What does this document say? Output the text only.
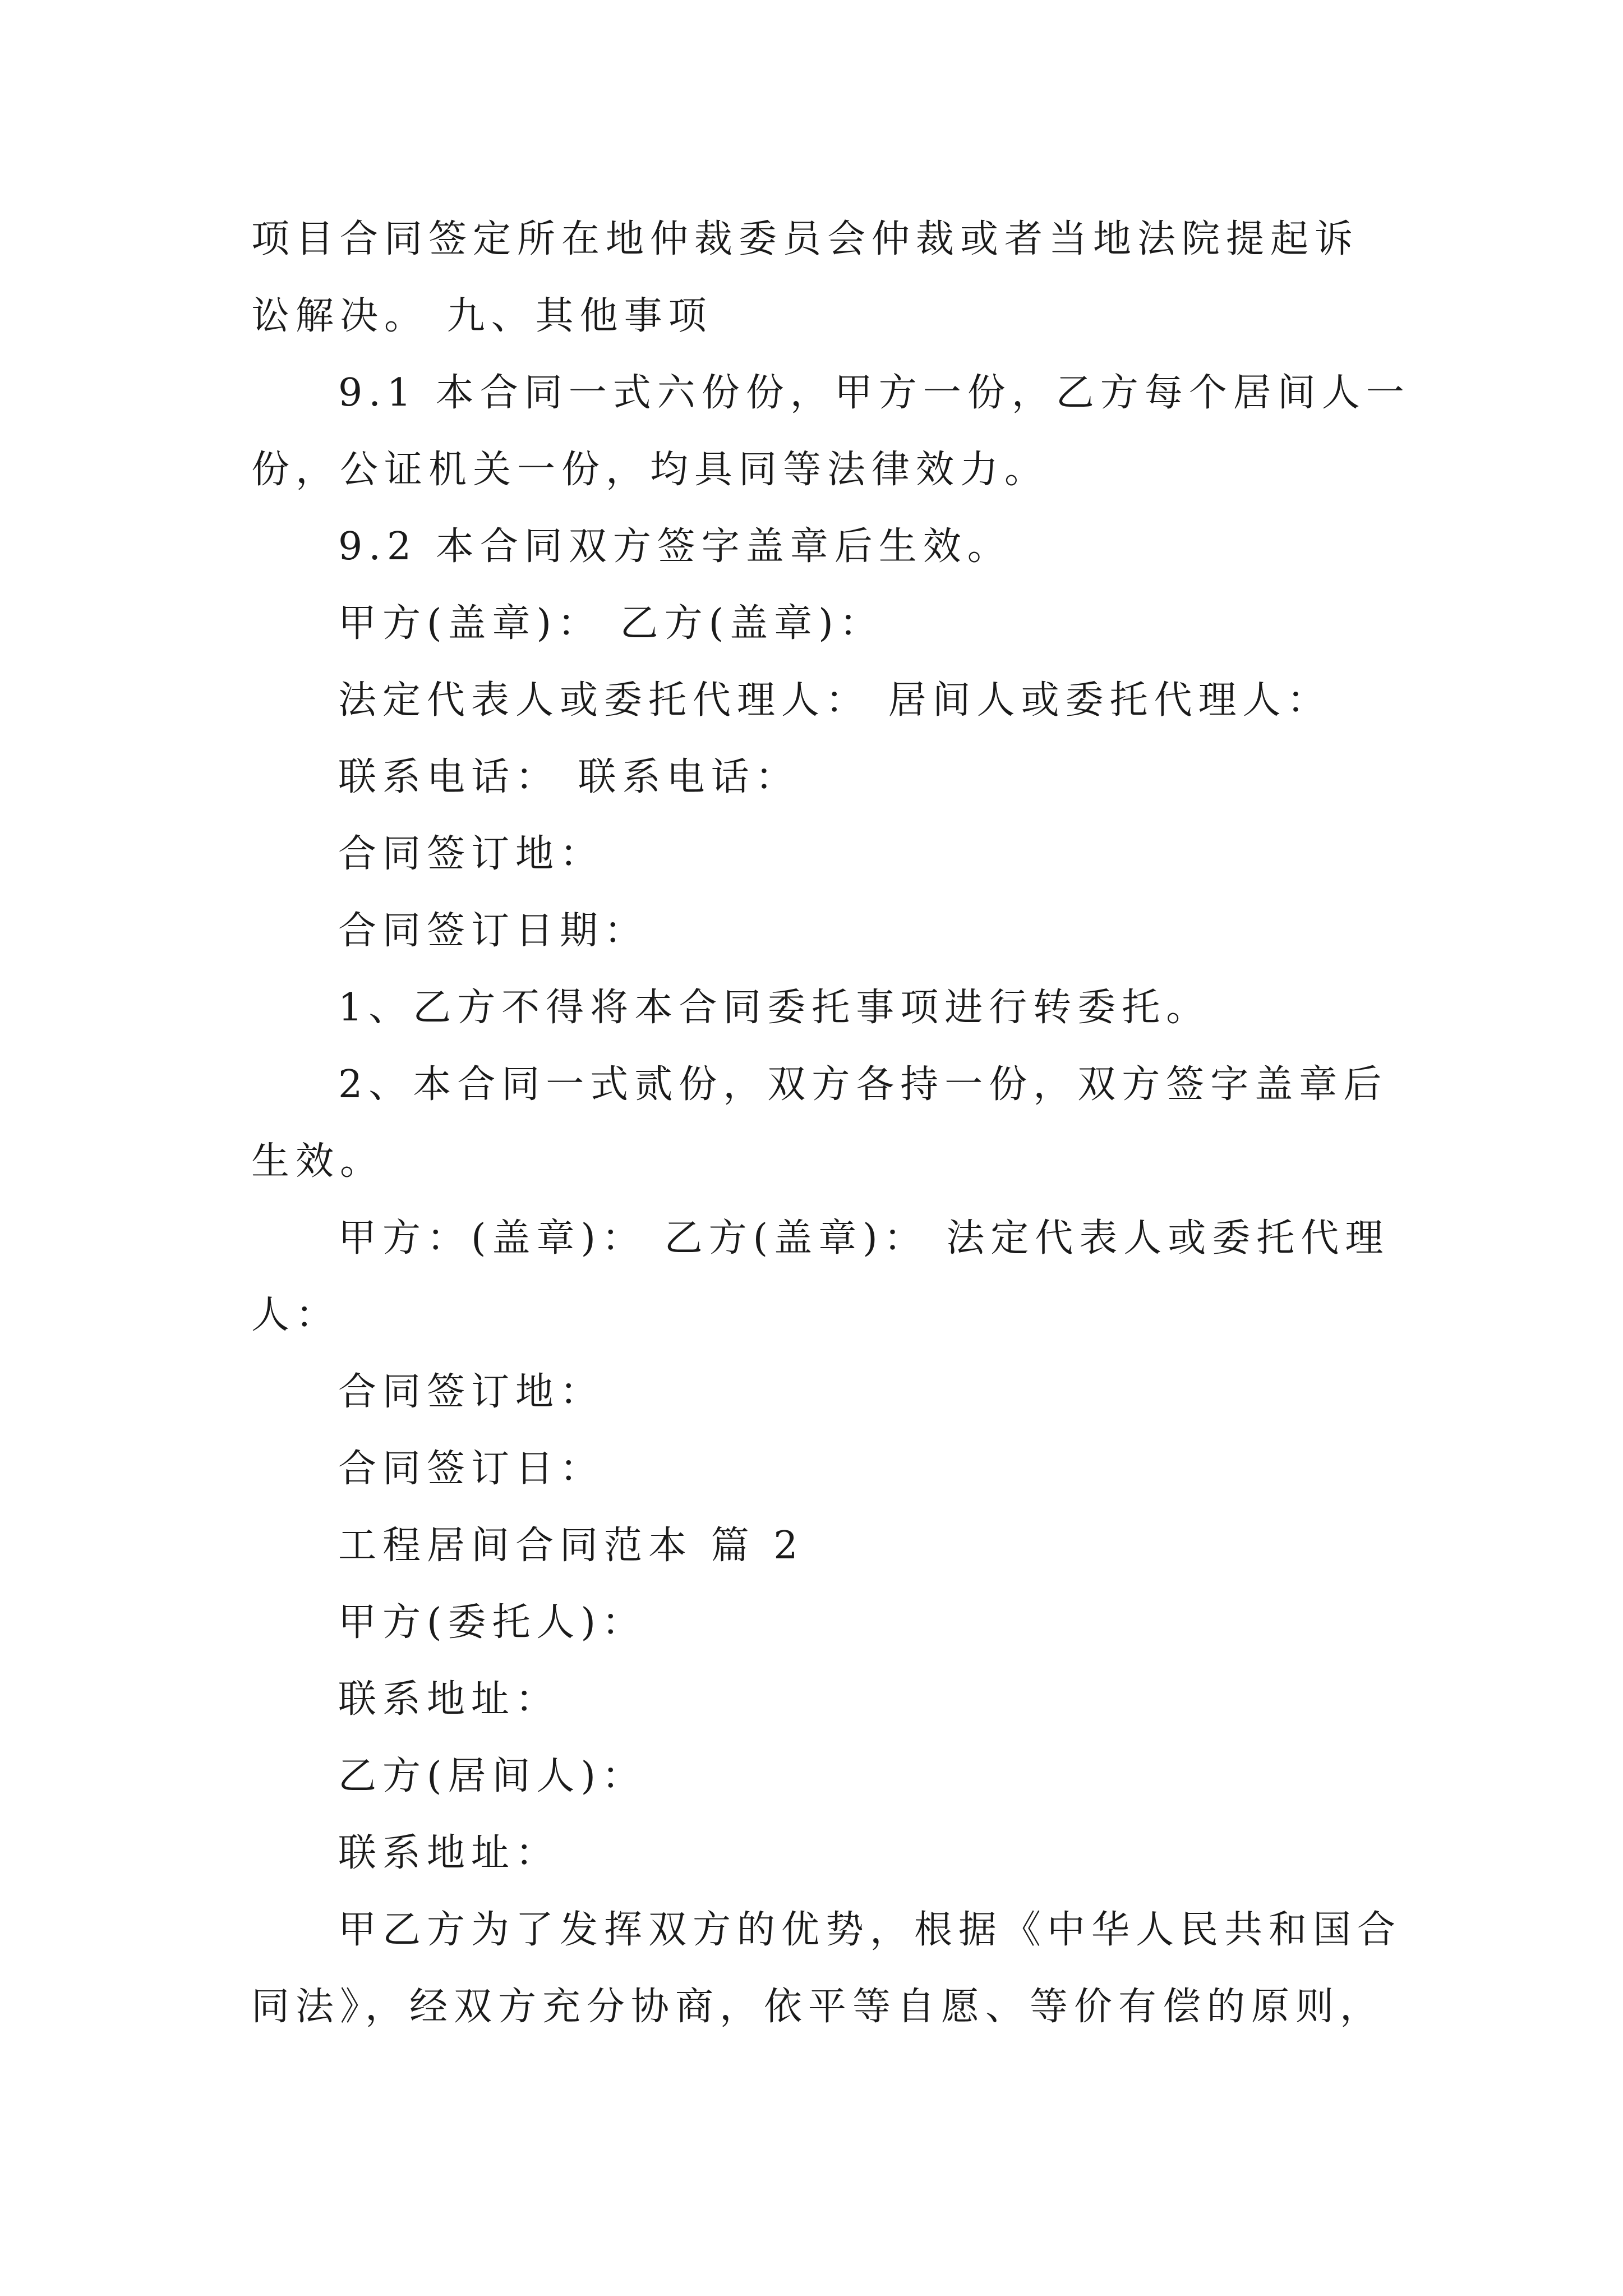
项目合同签定所在地仲裁委员会仲裁或者当地法院提起诉
讼解决。 九、其他事项
9.1 本合同一式六份份，甲方一份，乙方每个居间人一
份，公证机关一份，均具同等法律效力。
9.2 本合同双方签字盖章后生效。
甲方(盖章)： 乙方(盖章)：
法定代表人或委托代理人： 居间人或委托代理人：
联系电话： 联系电话：
合同签订地：
合同签订日期：
1、乙方不得将本合同委托事项进行转委托。
2、本合同一式贰份，双方各持一份，双方签字盖章后
生效。
甲方：(盖章)： 乙方(盖章)： 法定代表人或委托代理
人：
合同签订地：
合同签订日：
工程居间合同范本 篇 2
甲方(委托人)：
联系地址：
乙方(居间人)：
联系地址：
甲乙方为了发挥双方的优势，根据《中华人民共和国合
同法》，经双方充分协商，依平等自愿、等价有偿的原则，
